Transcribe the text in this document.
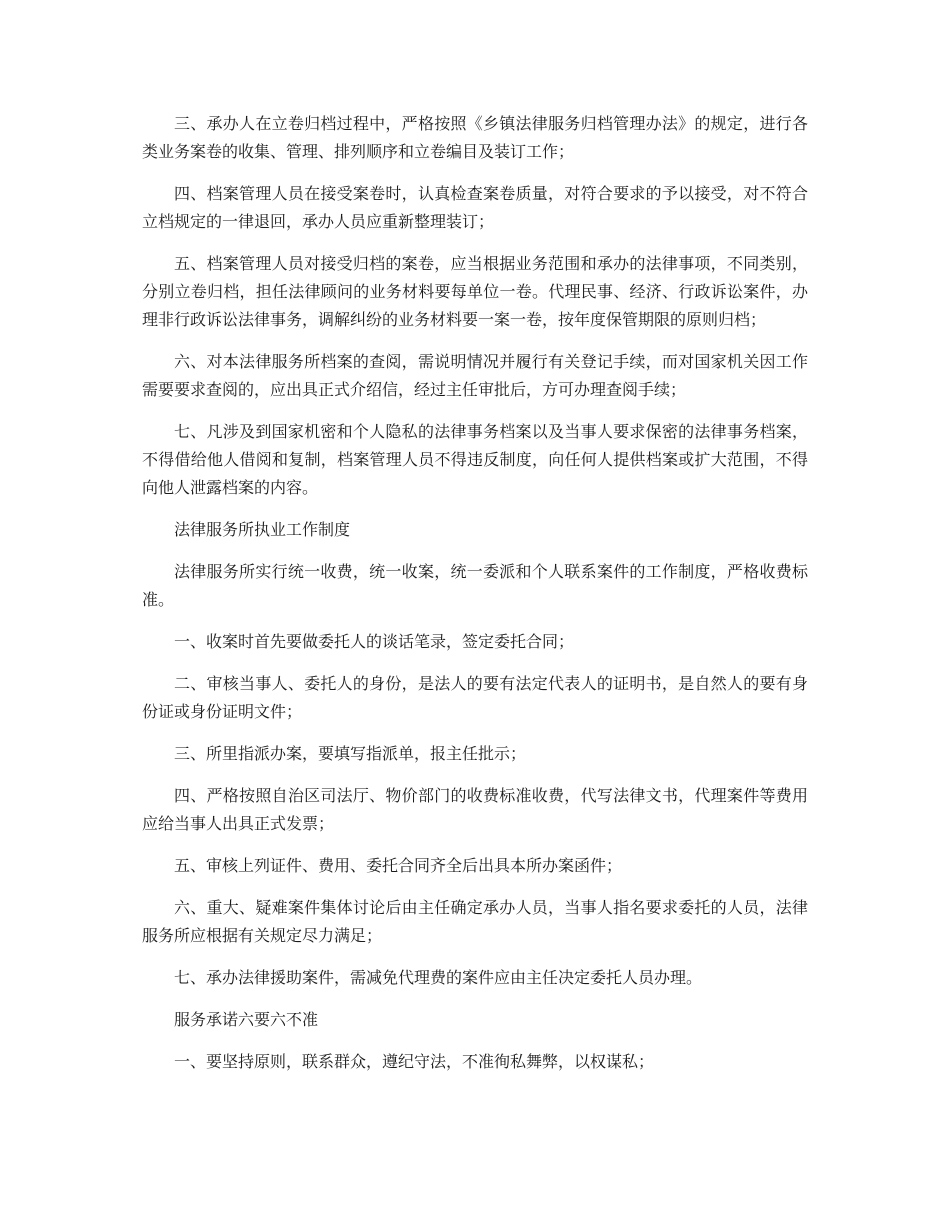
三、承办人在立卷归档过程中，严格按照《乡镇法律服务归档管理办法》的规定，进行各类业务案卷的收集、管理、排列顺序和立卷编目及装订工作；

四、档案管理人员在接受案卷时，认真检查案卷质量，对符合要求的予以接受，对不符合立档规定的一律退回，承办人员应重新整理装订；

五、档案管理人员对接受归档的案卷，应当根据业务范围和承办的法律事项，不同类别，分别立卷归档，担任法律顾问的业务材料要每单位一卷。代理民事、经济、行政诉讼案件，办理非行政诉讼法律事务，调解纠纷的业务材料要一案一卷，按年度保管期限的原则归档；

六、对本法律服务所档案的查阅，需说明情况并履行有关登记手续，而对国家机关因工作需要要求查阅的，应出具正式介绍信，经过主任审批后，方可办理查阅手续；

七、凡涉及到国家机密和个人隐私的法律事务档案以及当事人要求保密的法律事务档案，不得借给他人借阅和复制，档案管理人员不得违反制度，向任何人提供档案或扩大范围，不得向他人泄露档案的内容。

法律服务所执业工作制度

法律服务所实行统一收费，统一收案，统一委派和个人联系案件的工作制度，严格收费标准。

一、收案时首先要做委托人的谈话笔录，签定委托合同；

二、审核当事人、委托人的身份，是法人的要有法定代表人的证明书，是自然人的要有身份证或身份证明文件；

三、所里指派办案，要填写指派单，报主任批示；

四、严格按照自治区司法厅、物价部门的收费标准收费，代写法律文书，代理案件等费用应给当事人出具正式发票；

五、审核上列证件、费用、委托合同齐全后出具本所办案函件；

六、重大、疑难案件集体讨论后由主任确定承办人员，当事人指名要求委托的人员，法律服务所应根据有关规定尽力满足；

七、承办法律援助案件，需减免代理费的案件应由主任决定委托人员办理。

服务承诺六要六不准

一、要坚持原则，联系群众，遵纪守法，不准徇私舞弊，以权谋私；
